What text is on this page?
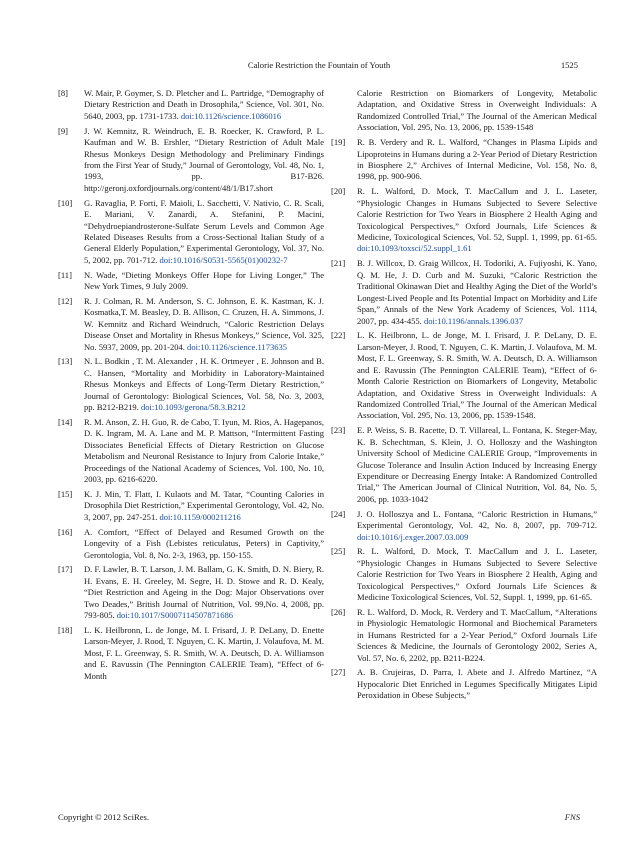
Calorie Restriction the Fountain of Youth	1525
[8] W. Mair, P. Goymer, S. D. Pletcher and L. Partridge, “Demography of Dietary Restriction and Death in Drosophila,” Science, Vol. 301, No. 5640, 2003, pp. 1731-1733. doi:10.1126/science.1086016
[9] J. W. Kemnitz, R. Weindruch, E. B. Roecker, K. Crawford, P. L. Kaufman and W. B. Ershler, “Dietary Restriction of Adult Male Rhesus Monkeys Design Methodology and Preliminary Findings from the First Year of Study,” Journal of Gerontology, Vol. 48, No. 1, 1993, pp. B17-B26. http://geronj.oxfordjournals.org/content/48/1/B17.short
[10] G. Ravaglia, P. Forti, F. Maioli, L. Sacchetti, V. Nativio, C. R. Scali, E. Mariani, V. Zanardi, A. Stefanini, P. Macini, “Dehydroepiandrosterone-Sulfate Serum Levels and Common Age Related Diseases Results from a Cross-Sectional Italian Study of a General Elderly Population,” Experimental Gerontology, Vol. 37, No. 5, 2002, pp. 701-712. doi:10.1016/S0531-5565(01)00232-7
[11] N. Wade, “Dieting Monkeys Offer Hope for Living Longer,” The New York Times, 9 July 2009.
[12] R. J. Colman, R. M. Anderson, S. C. Johnson, E. K. Kastman, K. J. Kosmatka,T. M. Beasley, D. B. Allison, C. Cruzen, H. A. Simmons, J. W. Kemnitz and Richard Weindruch, “Caloric Restriction Delays Disease Onset and Mortality in Rhesus Monkeys,” Science, Vol. 325, No. 5937, 2009, pp. 201-204. doi:10.1126/science.1173635
[13] N. L. Bodkin , T. M. Alexander , H. K. Ortmeyer , E. Johnson and B. C. Hansen, “Mortality and Morbidity in Laboratory-Maintained Rhesus Monkeys and Effects of Long-Term Dietary Restriction,” Journal of Gerontology: Biological Sciences, Vol. 58, No. 3, 2003, pp. B212-B219. doi:10.1093/gerona/58.3.B212
[14] R. M. Anson, Z. H. Guo, R. de Cabo, T. Iyun, M. Rios, A. Hagepanos, D. K. Ingram, M. A. Lane and M. P. Mattson, “Intermittent Fasting Dissociates Beneficial Effects of Dietary Restriction on Glucose Metabolism and Neuronal Resistance to Injury from Calorie Intake,” Proceedings of the National Academy of Sciences, Vol. 100, No. 10, 2003, pp. 6216-6220.
[15] K. J. Min, T. Flatt, I. Kulaots and M. Tatar, “Counting Calories in Drosophila Diet Restriction,” Experimental Gerontology, Vol. 42, No. 3, 2007, pp. 247-251. doi:10.1159/000211216
[16] A. Comfort, “Effect of Delayed and Resumed Growth on the Longevity of a Fish (Lebistes reticulatus, Peters) in Captivity,” Gerontologia, Vol. 8, No. 2-3, 1963, pp. 150-155.
[17] D. F. Lawler, B. T. Larson, J. M. Ballam, G. K. Smith, D. N. Biery, R. H. Evans, E. H. Greeley, M. Segre, H. D. Stowe and R. D. Kealy, “Diet Restriction and Ageing in the Dog: Major Observations over Two Deades,” British Journal of Nutrition, Vol. 99,No. 4, 2008, pp. 793-805. doi:10.1017/S0007114507871686
[18] L. K. Heilbronn, L. de Jonge, M. I. Frisard, J. P. DeLany, D. Enette Larson-Meyer, J. Rood, T. Nguyen, C. K. Martin, J. Volaufova, M. M. Most, F. L. Greenway, S. R. Smith, W. A. Deutsch, D. A. Williamson and E. Ravussin (The Pennington CALERIE Team), “Effect of 6-Month
Calorie Restriction on Biomarkers of Longevity, Metabolic Adaptation, and Oxidative Stress in Overweight Individuals: A Randomized Controlled Trial,” The Journal of the American Medical Association, Vol. 295, No. 13, 2006, pp. 1539-1548
[19] R. B. Verdery and R. L. Walford, “Changes in Plasma Lipids and Lipoproteins in Humans during a 2-Year Period of Dietary Restriction in Biosphere 2,” Archives of Internal Medicine, Vol. 158, No. 8, 1998, pp. 900-906.
[20] R. L. Walford, D. Mock, T. MacCallum and J. L. Laseter, “Physiologic Changes in Humans Subjected to Severe Selective Calorie Restriction for Two Years in Biosphere 2 Health Aging and Toxicological Perspectives,” Oxford Journals, Life Sciences & Medicine, Toxicological Sciences, Vol. 52, Suppl. 1, 1999, pp. 61-65. doi:10.1093/toxsci/52.suppl_1.61
[21] B. J. Willcox, D. Graig Willcox, H. Todoriki, A. Fujiyoshi, K. Yano, Q. M. He, J. D. Curb and M. Suzuki, “Caloric Restriction the Traditional Okinawan Diet and Healthy Aging the Diet of the World’s Longest-Lived People and Its Potential Impact on Morbidity and Life Span,” Annals of the New York Academy of Sciences, Vol. 1114, 2007, pp. 434-455. doi:10.1196/annals.1396.037
[22] L. K. Heilbronn, L. de Jonge, M. I. Frisard, J. P. DeLany, D. E. Larson-Meyer, J. Rood, T. Nguyen, C. K. Martin, J. Volaufova, M. M. Most, F. L. Greenway, S. R. Smith, W. A. Deutsch, D. A. Williamson and E. Ravussin (The Pennington CALERIE Team), “Effect of 6-Month Calorie Restriction on Biomarkers of Longevity, Metabolic Adaptation, and Oxidative Stress in Overweight Individuals: A Randomized Controlled Trial,” The Journal of the American Medical Association, Vol. 295, No. 13, 2006, pp. 1539-1548.
[23] E. P. Weiss, S. B. Racette, D. T. Villareal, L. Fontana, K. Steger-May, K. B. Schechtman, S. Klein, J. O. Holloszy and the Washington University School of Medicine CALERIE Group, “Improvements in Glucose Tolerance and Insulin Action Induced by Increasing Energy Expenditure or Decreasing Energy Intake: A Randomized Controlled Trial,” The American Journal of Clinical Nutrition, Vol. 84, No. 5, 2006, pp. 1033-1042
[24] J. O. Holloszya and L. Fontana, “Caloric Restriction in Humans,” Experimental Gerontology, Vol. 42, No. 8, 2007, pp. 709-712. doi:10.1016/j.exger.2007.03.009
[25] R. L. Walford, D. Mock, T. MacCallum and J. L. Laseter, “Physiologic Changes in Humans Subjected to Severe Selective Calorie Restriction for Two Years in Biosphere 2 Health, Aging and Toxicological Perspectives,” Oxford Journals Life Sciences & Medicine Toxicological Sciences, Vol. 52, Suppl. 1, 1999, pp. 61-65.
[26] R. L. Walford, D. Mock, R. Verdery and T. MacCallum, “Alterations in Physiologic Hematologic Hormonal and Biochemical Parameters in Humans Restricted for a 2-Year Period,” Oxford Journals Life Sciences & Medicine, the Journals of Gerontology 2002, Series A, Vol. 57, No. 6, 2202, pp. B211-B224.
[27] A. B. Crujeiras, D. Parra, I. Abete and J. Alfredo Martínez, “A Hypocaloric Diet Enriched in Legumes Specifically Mitigates Lipid Peroxidation in Obese Subjects,”
Copyright © 2012 SciRes.	FNS
